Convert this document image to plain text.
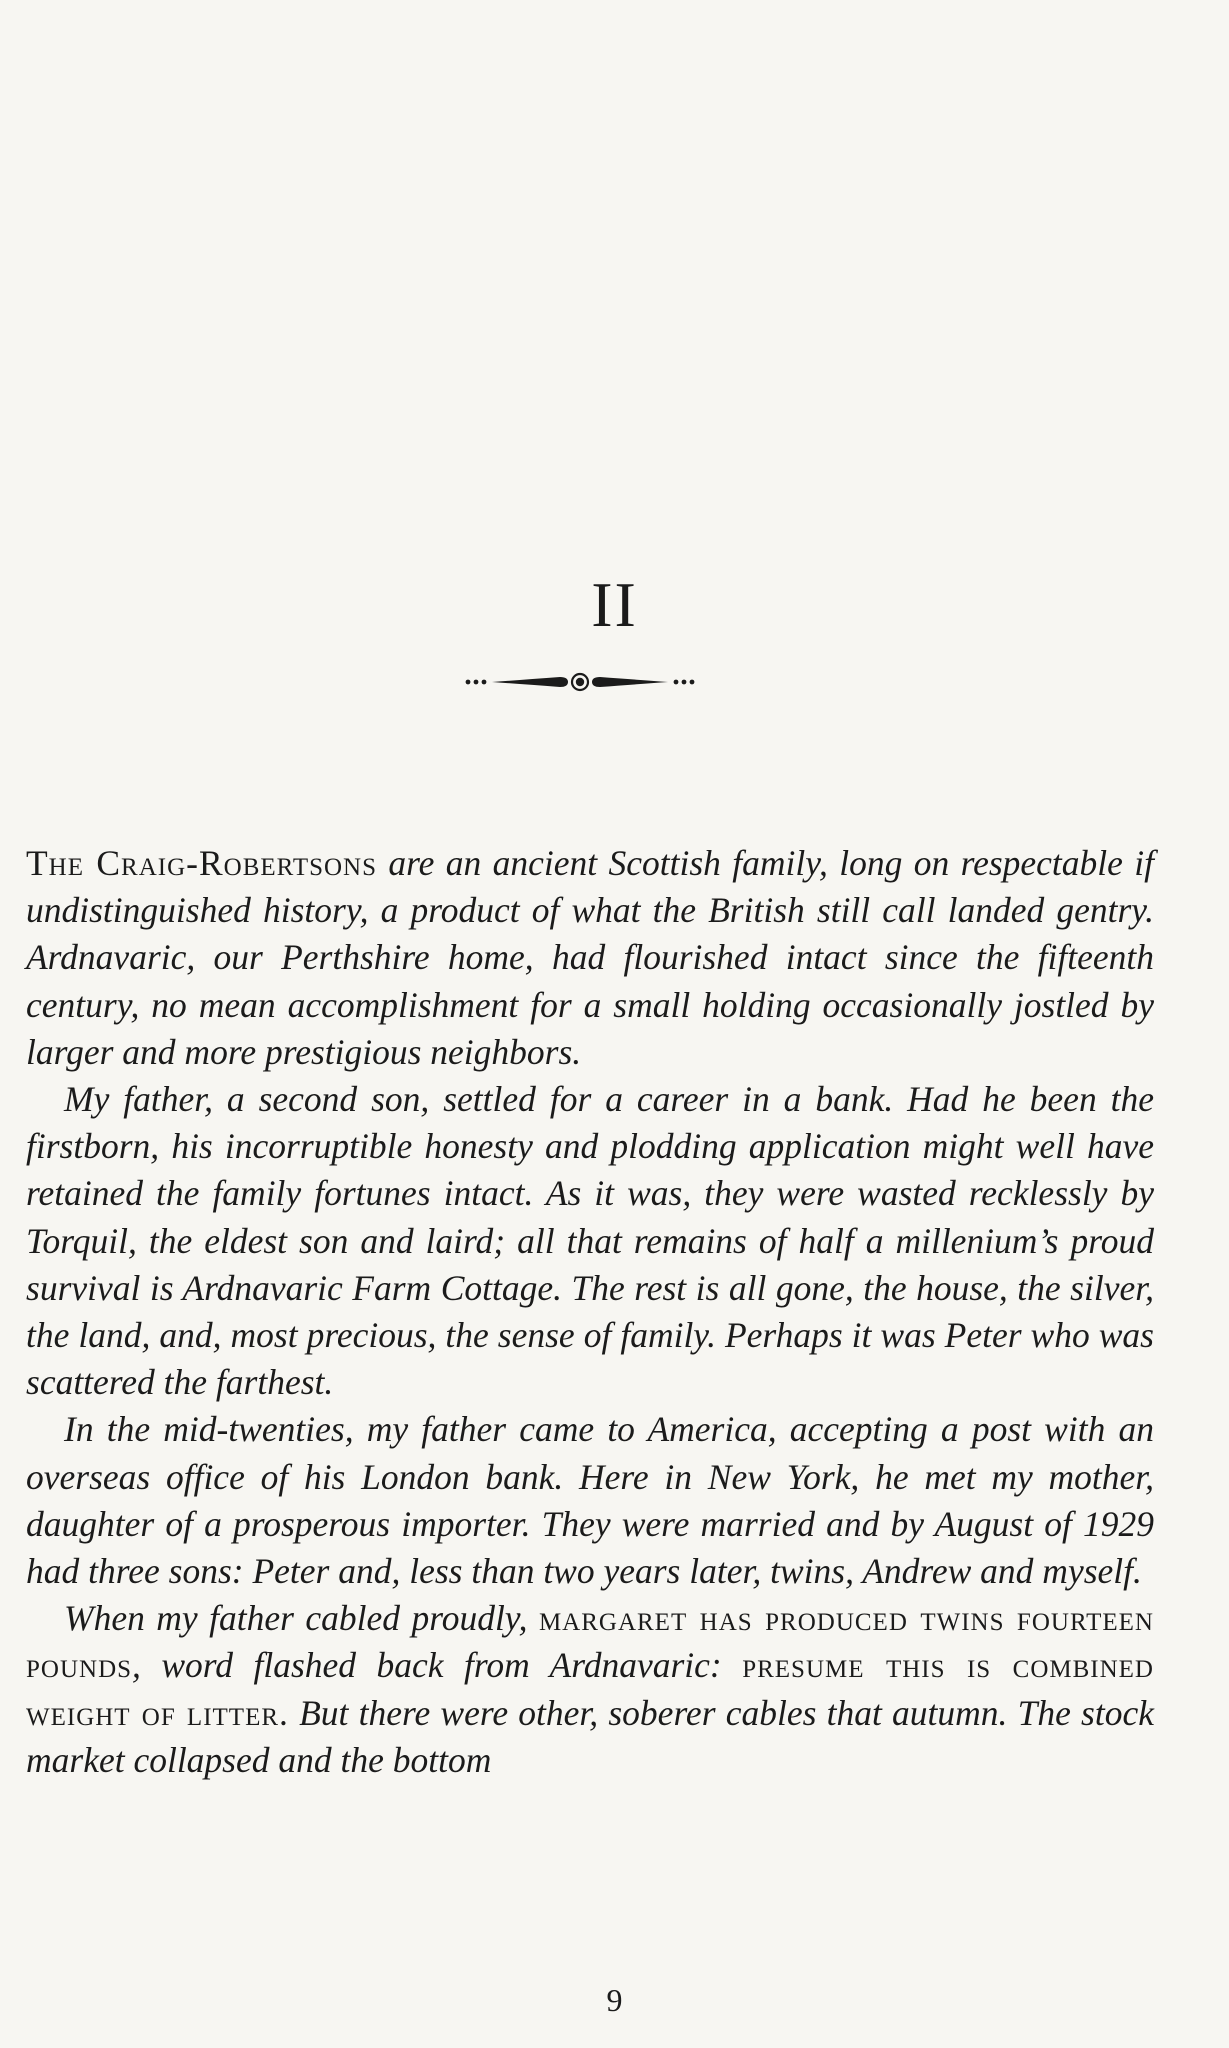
II

The Craig-Robertsons are an ancient Scottish family, long on respectable if undistinguished history, a product of what the British still call landed gentry. Ardnavaric, our Perthshire home, had flourished intact since the fifteenth century, no mean accomplishment for a small holding occasionally jostled by larger and more prestigious neighbors.

My father, a second son, settled for a career in a bank. Had he been the firstborn, his incorruptible honesty and plodding application might well have retained the family fortunes intact. As it was, they were wasted recklessly by Torquil, the eldest son and laird; all that remains of half a millenium’s proud survival is Ardnavaric Farm Cottage. The rest is all gone, the house, the silver, the land, and, most precious, the sense of family. Perhaps it was Peter who was scattered the farthest.

In the mid-twenties, my father came to America, accepting a post with an overseas office of his London bank. Here in New York, he met my mother, daughter of a prosperous importer. They were married and by August of 1929 had three sons: Peter and, less than two years later, twins, Andrew and myself.

When my father cabled proudly, margaret has produced twins fourteen pounds, word flashed back from Ardnavaric: presume this is combined weight of litter. But there were other, soberer cables that autumn. The stock market collapsed and the bottom

9
